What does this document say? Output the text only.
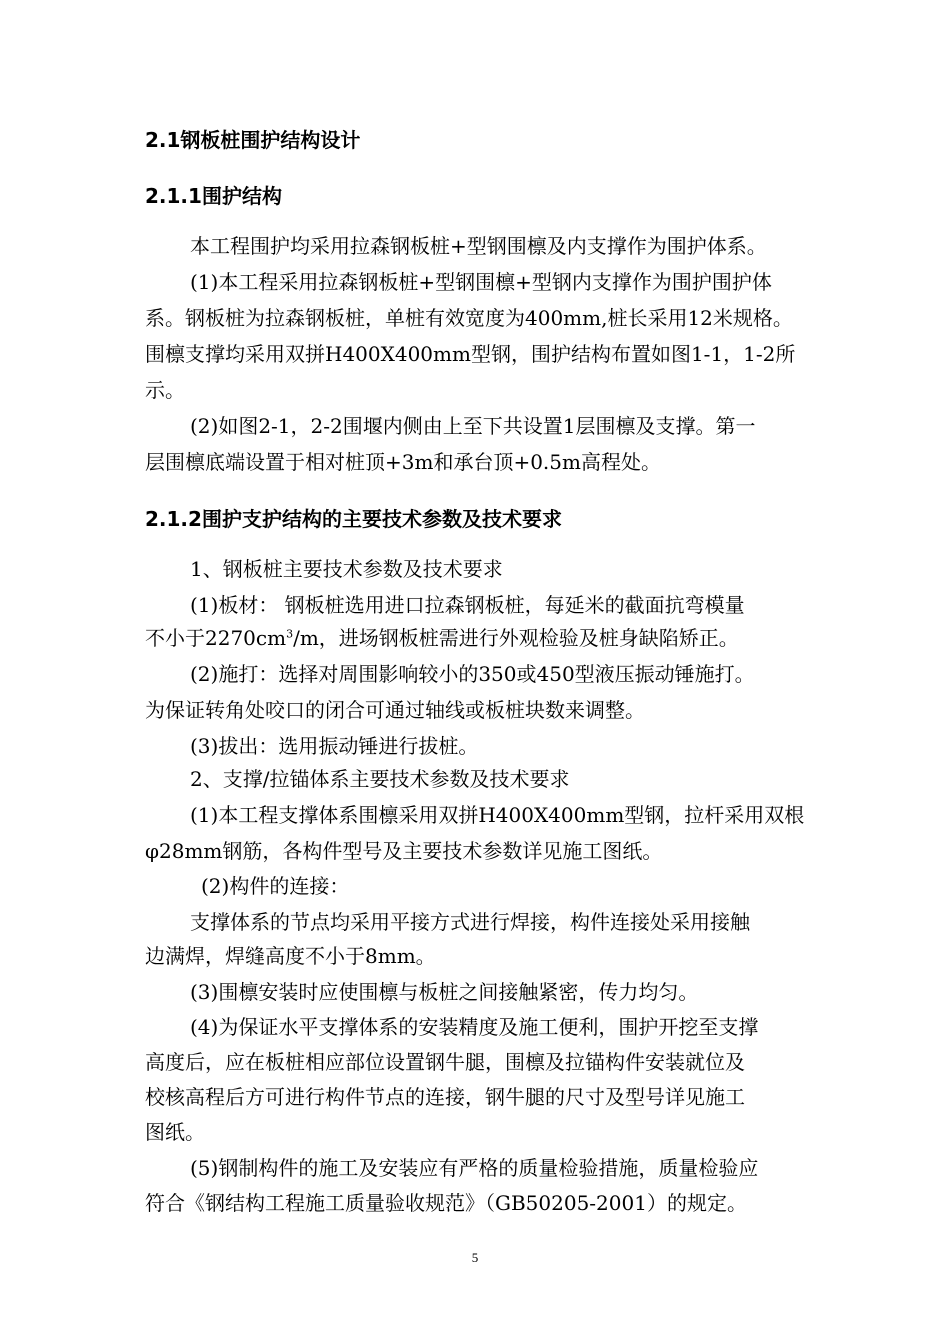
2.1钢板桩围护结构设计
2.1.1围护结构
本工程围护均采用拉森钢板桩+型钢围檩及内支撑作为围护体系。
(1)本工程采用拉森钢板桩+型钢围檩+型钢内支撑作为围护围护体
系。钢板桩为拉森钢板桩，单桩有效宽度为400mm,桩长采用12米规格。
围檩支撑均采用双拼H400X400mm型钢，围护结构布置如图1-1，1-2所
示。
(2)如图2-1，2-2围堰内侧由上至下共设置1层围檩及支撑。第一
层围檩底端设置于相对桩顶+3m和承台顶+0.5m高程处。
2.1.2围护支护结构的主要技术参数及技术要求
1、钢板桩主要技术参数及技术要求
(1)板材： 钢板桩选用进口拉森钢板桩，每延米的截面抗弯模量
不小于$2270cm^3/m$，进场钢板桩需进行外观检验及桩身缺陷矫正。
(2)施打：选择对周围影响较小的350或450型液压振动锤施打。
为保证转角处咬口的闭合可通过轴线或板桩块数来调整。
(3)拔出：选用振动锤进行拔桩。
2、支撑/拉锚体系主要技术参数及技术要求
(1)本工程支撑体系围檩采用双拼H400X400mm型钢，拉杆采用双根
φ28mm钢筋，各构件型号及主要技术参数详见施工图纸。
(2)构件的连接：
支撑体系的节点均采用平接方式进行焊接，构件连接处采用接触
边满焊，焊缝高度不小于8mm。
(3)围檩安装时应使围檩与板桩之间接触紧密，传力均匀。
(4)为保证水平支撑体系的安装精度及施工便利，围护开挖至支撑
高度后，应在板桩相应部位设置钢牛腿，围檩及拉锚构件安装就位及
校核高程后方可进行构件节点的连接，钢牛腿的尺寸及型号详见施工
图纸。
(5)钢制构件的施工及安装应有严格的质量检验措施，质量检验应
符合《钢结构工程施工质量验收规范》（GB50205-2001）的规定。
5
